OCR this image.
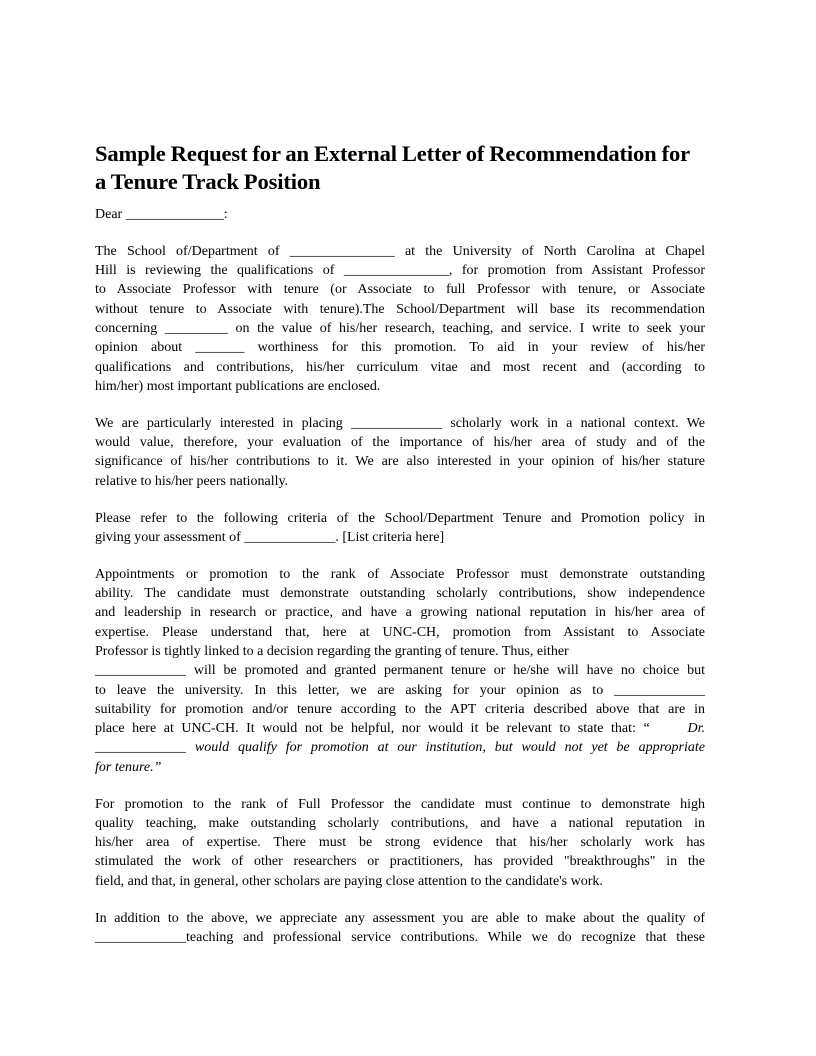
Sample Request for an External Letter of Recommendation for a Tenure Track Position
Dear ______________:
The School of/Department of _______________ at the University of North Carolina at Chapel
Hill is reviewing the qualifications of _______________, for promotion from Assistant Professor
to Associate Professor with tenure (or Associate to full Professor with tenure, or Associate
without tenure to Associate with tenure).The School/Department will base its recommendation
concerning _________ on the value of his/her research, teaching, and service. I write to seek your
opinion about _______ worthiness for this promotion. To aid in your review of his/her
qualifications and contributions, his/her curriculum vitae and most recent and (according to
him/her) most important publications are enclosed.
We are particularly interested in placing _____________ scholarly work in a national context. We
would value, therefore, your evaluation of the importance of his/her area of study and of the
significance of his/her contributions to it. We are also interested in your opinion of his/her stature
relative to his/her peers nationally.
Please refer to the following criteria of the School/Department Tenure and Promotion policy in
giving your assessment of _____________. [List criteria here]
Appointments or promotion to the rank of Associate Professor must demonstrate outstanding
ability. The candidate must demonstrate outstanding scholarly contributions, show independence
and leadership in research or practice, and have a growing national reputation in his/her area of
expertise. Please understand that, here at UNC-CH, promotion from Assistant to Associate
Professor is tightly linked to a decision regarding the granting of tenure. Thus, either
_____________ will be promoted and granted permanent tenure or he/she will have no choice but
to leave the university. In this letter, we are asking for your opinion as to _____________
suitability for promotion and/or tenure according to the APT criteria described above that are in
place here at UNC-CH. It would not be helpful, nor would it be relevant to state that: “	Dr.
_____________ would qualify for promotion at our institution, but would not yet be appropriate
for tenure.”
For promotion to the rank of Full Professor the candidate must continue to demonstrate high
quality teaching, make outstanding scholarly contributions, and have a national reputation in
his/her area of expertise. There must be strong evidence that his/her scholarly work has
stimulated the work of other researchers or practitioners, has provided "breakthroughs" in the
field, and that, in general, other scholars are paying close attention to the candidate's work.
In addition to the above, we appreciate any assessment you are able to make about the quality of
_____________teaching and professional service contributions. While we do recognize that these
